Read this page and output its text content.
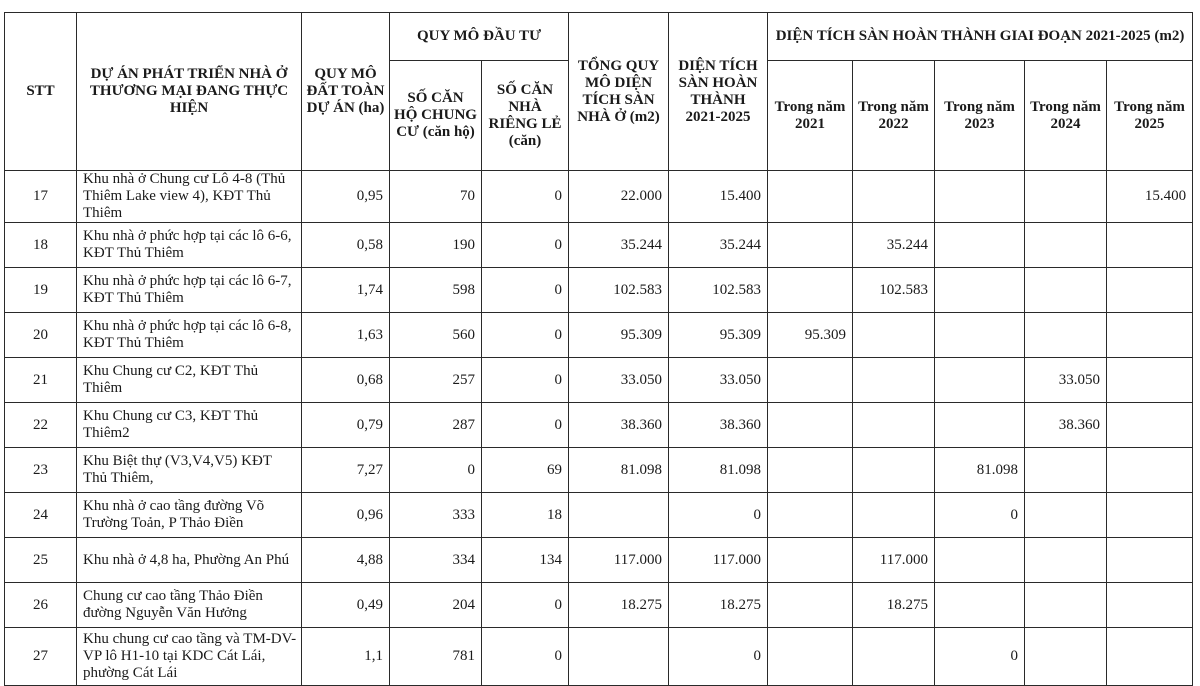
STT	DỰ ÁN PHÁT TRIỂN NHÀ Ở THƯƠNG MẠI ĐANG THỰC HIỆN	QUY MÔ ĐẤT TOÀN DỰ ÁN (ha)	QUY MÔ ĐẦU TƯ		TỔNG QUY MÔ DIỆN TÍCH SÀN NHÀ Ở (m2)	DIỆN TÍCH SÀN HOÀN THÀNH 2021-2025	DIỆN TÍCH SÀN HOÀN THÀNH GIAI ĐOẠN 2021-2025 (m2)				
			SỐ CĂN HỘ CHUNG CƯ (căn hộ)	SỐ CĂN NHÀ RIÊNG LẺ (căn)			Trong năm 2021	Trong năm 2022	Trong năm 2023	Trong năm 2024	Trong năm 2025
17	Khu nhà ở Chung cư Lô 4-8 (Thủ Thiêm Lake view 4), KĐT Thủ Thiêm	0,95	70	0	22.000	15.400					15.400
18	Khu nhà ở phức hợp tại các lô 6-6, KĐT Thủ Thiêm	0,58	190	0	35.244	35.244		35.244			
19	Khu nhà ở phức hợp tại các lô 6-7, KĐT Thủ Thiêm	1,74	598	0	102.583	102.583		102.583			
20	Khu nhà ở phức hợp tại các lô 6-8, KĐT Thủ Thiêm	1,63	560	0	95.309	95.309	95.309				
21	Khu Chung cư C2, KĐT Thủ Thiêm	0,68	257	0	33.050	33.050				33.050	
22	Khu Chung cư C3, KĐT Thủ Thiêm2	0,79	287	0	38.360	38.360				38.360	
23	Khu Biệt thự (V3,V4,V5) KĐT Thủ Thiêm,	7,27	0	69	81.098	81.098			81.098		
24	Khu nhà ở cao tầng đường Võ Trường Toản, P Thảo Điền	0,96	333	18		0			0		
25	Khu nhà ở 4,8 ha, Phường An Phú	4,88	334	134	117.000	117.000		117.000			
26	Chung cư cao tầng Thảo Điền đường Nguyễn Văn Hưởng	0,49	204	0	18.275	18.275		18.275			
27	Khu chung cư cao tầng và TM-DV-VP lô H1-10 tại KDC Cát Lái, phường Cát Lái	1,1	781	0		0			0		
